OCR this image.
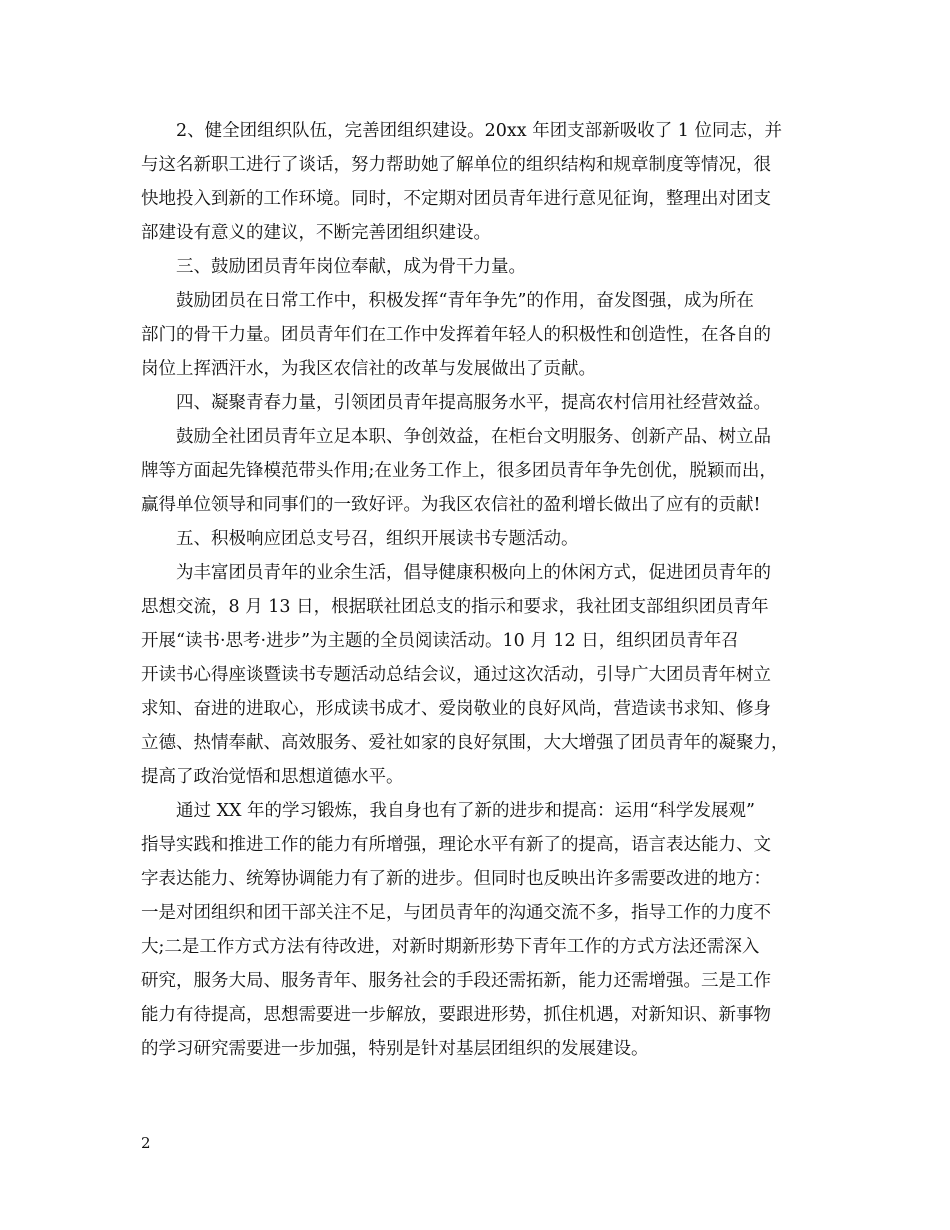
2、健全团组织队伍，完善团组织建设。20xx 年团支部新吸收了 1 位同志，并
与这名新职工进行了谈话，努力帮助她了解单位的组织结构和规章制度等情况，很
快地投入到新的工作环境。同时，不定期对团员青年进行意见征询，整理出对团支
部建设有意义的建议，不断完善团组织建设。
三、鼓励团员青年岗位奉献，成为骨干力量。
鼓励团员在日常工作中，积极发挥“青年争先”的作用，奋发图强，成为所在
部门的骨干力量。团员青年们在工作中发挥着年轻人的积极性和创造性，在各自的
岗位上挥洒汗水，为我区农信社的改革与发展做出了贡献。
四、凝聚青春力量，引领团员青年提高服务水平，提高农村信用社经营效益。
鼓励全社团员青年立足本职、争创效益，在柜台文明服务、创新产品、树立品
牌等方面起先锋模范带头作用;在业务工作上，很多团员青年争先创优，脱颖而出，
赢得单位领导和同事们的一致好评。为我区农信社的盈利增长做出了应有的贡献!
五、积极响应团总支号召，组织开展读书专题活动。
为丰富团员青年的业余生活，倡导健康积极向上的休闲方式，促进团员青年的
思想交流，8 月 13 日，根据联社团总支的指示和要求，我社团支部组织团员青年
开展“读书·思考·进步”为主题的全员阅读活动。10 月 12 日，组织团员青年召
开读书心得座谈暨读书专题活动总结会议，通过这次活动，引导广大团员青年树立
求知、奋进的进取心，形成读书成才、爱岗敬业的良好风尚，营造读书求知、修身
立德、热情奉献、高效服务、爱社如家的良好氛围，大大增强了团员青年的凝聚力，
提高了政治觉悟和思想道德水平。
通过 XX 年的学习锻炼，我自身也有了新的进步和提高：运用“科学发展观”
指导实践和推进工作的能力有所增强，理论水平有新了的提高，语言表达能力、文
字表达能力、统筹协调能力有了新的进步。但同时也反映出许多需要改进的地方：
一是对团组织和团干部关注不足，与团员青年的沟通交流不多，指导工作的力度不
大;二是工作方式方法有待改进，对新时期新形势下青年工作的方式方法还需深入
研究，服务大局、服务青年、服务社会的手段还需拓新，能力还需增强。三是工作
能力有待提高，思想需要进一步解放，要跟进形势，抓住机遇，对新知识、新事物
的学习研究需要进一步加强，特别是针对基层团组织的发展建设。
2
